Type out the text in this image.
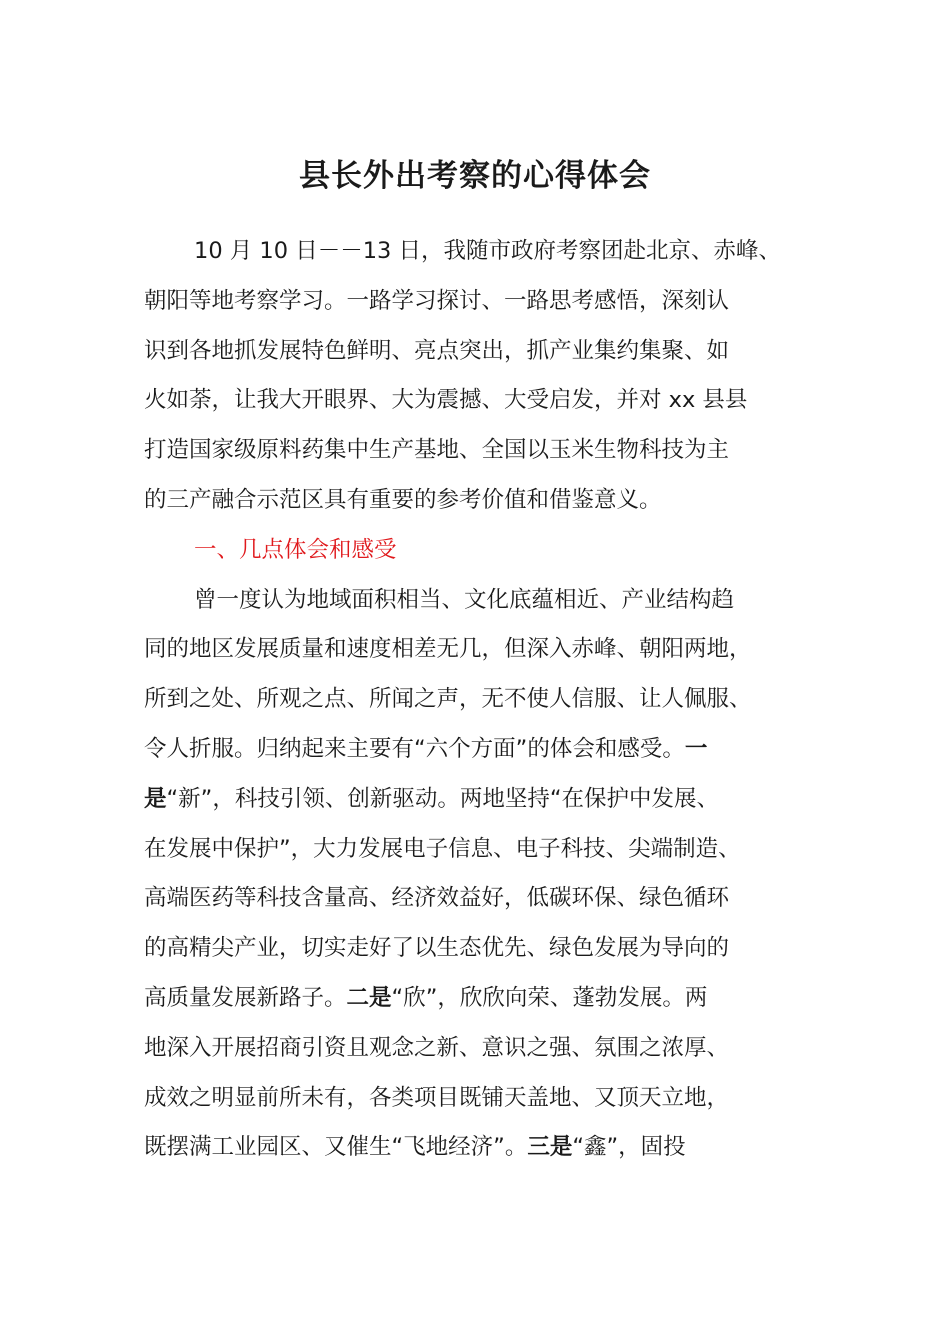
县长外出考察的心得体会
10 月 10 日－－13 日，我随市政府考察团赴北京、赤峰、
朝阳等地考察学习。一路学习探讨、一路思考感悟，深刻认
识到各地抓发展特色鲜明、亮点突出，抓产业集约集聚、如
火如荼，让我大开眼界、大为震撼、大受启发，并对 xx 县县
打造国家级原料药集中生产基地、全国以玉米生物科技为主
的三产融合示范区具有重要的参考价值和借鉴意义。
一、几点体会和感受
曾一度认为地域面积相当、文化底蕴相近、产业结构趋
同的地区发展质量和速度相差无几，但深入赤峰、朝阳两地，
所到之处、所观之点、所闻之声，无不使人信服、让人佩服、
令人折服。归纳起来主要有“六个方面”的体会和感受。一
是“新”，科技引领、创新驱动。两地坚持“在保护中发展、
在发展中保护”，大力发展电子信息、电子科技、尖端制造、
高端医药等科技含量高、经济效益好，低碳环保、绿色循环
的高精尖产业，切实走好了以生态优先、绿色发展为导向的
高质量发展新路子。二是“欣”，欣欣向荣、蓬勃发展。两
地深入开展招商引资且观念之新、意识之强、氛围之浓厚、
成效之明显前所未有，各类项目既铺天盖地、又顶天立地，
既摆满工业园区、又催生“飞地经济”。三是“鑫”，固投
